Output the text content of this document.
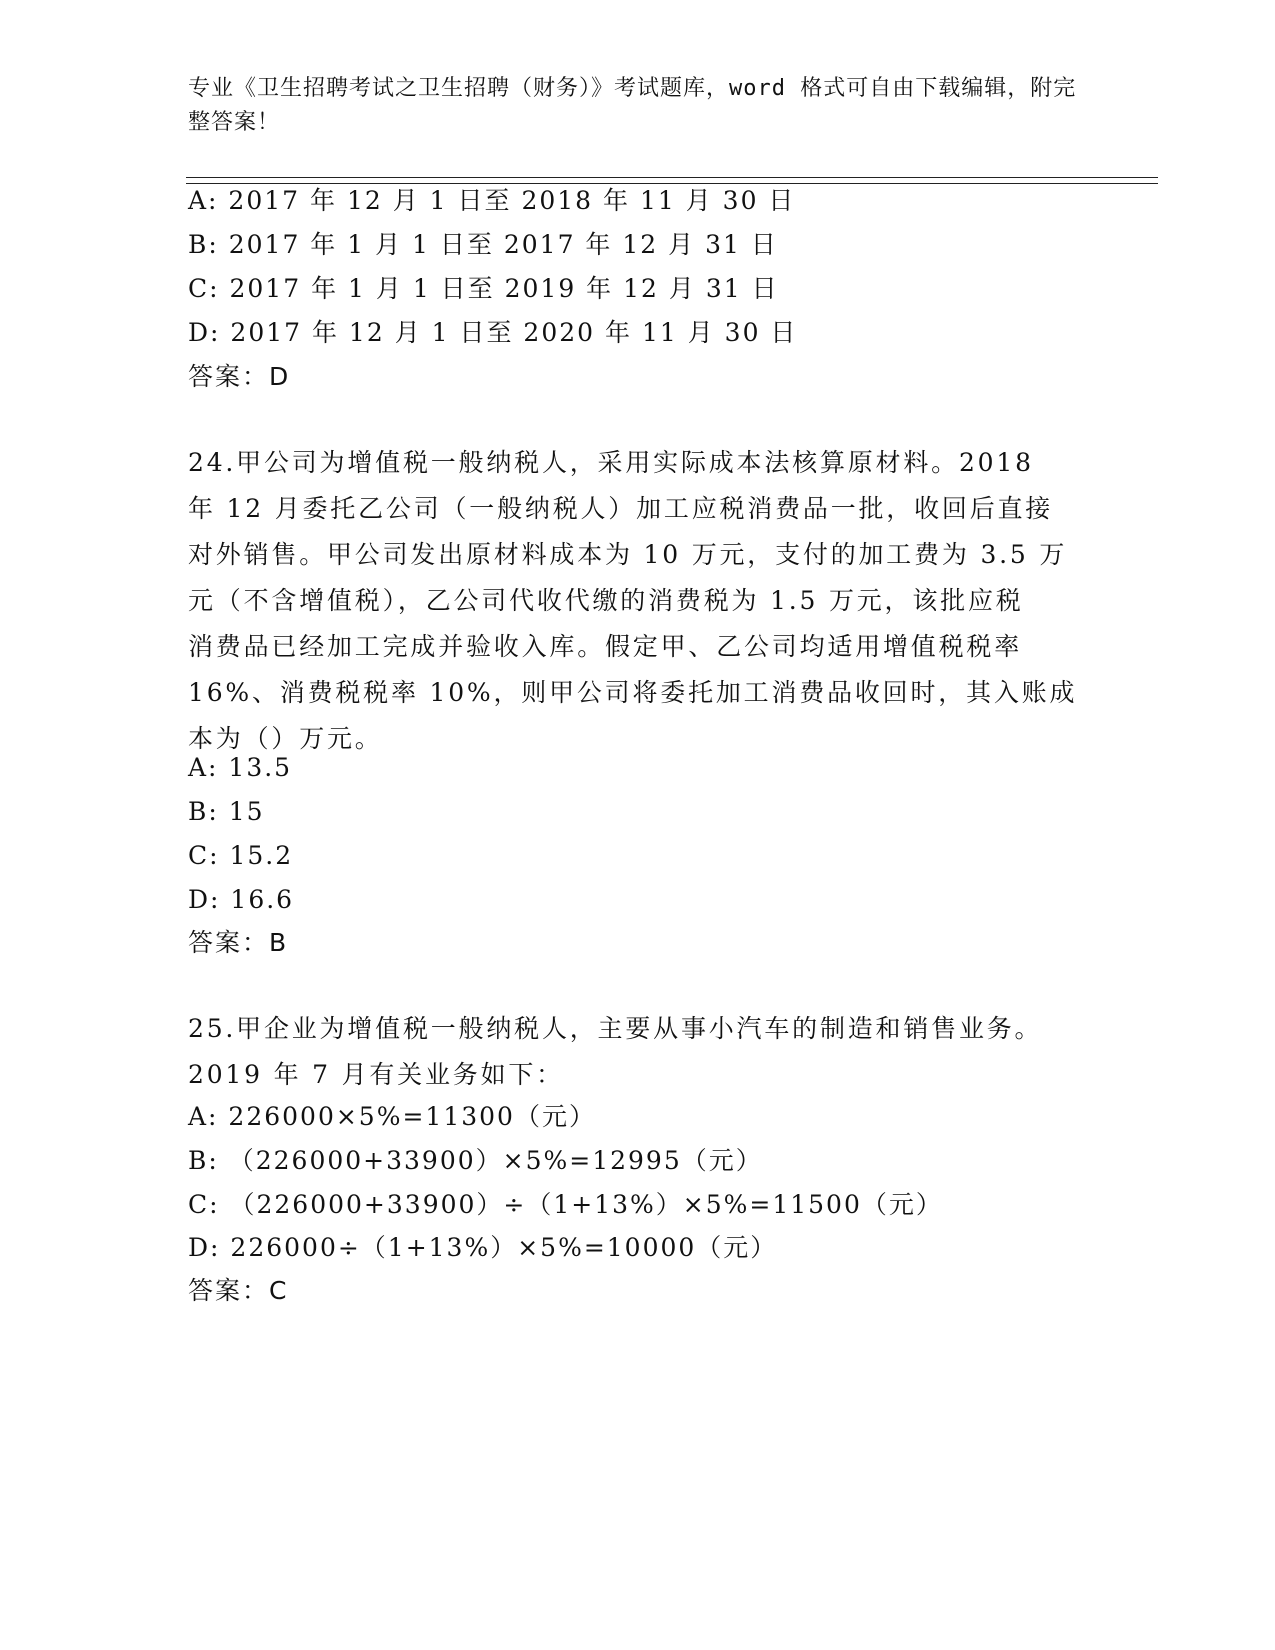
专业《卫生招聘考试之卫生招聘（财务）》考试题库，word 格式可自由下载编辑，附完整答案！
A: 2017 年 12 月 1 日至 2018 年 11 月 30 日
B: 2017 年 1 月 1 日至 2017 年 12 月 31 日
C: 2017 年 1 月 1 日至 2019 年 12 月 31 日
D: 2017 年 12 月 1 日至 2020 年 11 月 30 日
答案：D
24.甲公司为增值税一般纳税人，采用实际成本法核算原材料。2018
年 12 月委托乙公司（一般纳税人）加工应税消费品一批，收回后直接
对外销售。甲公司发出原材料成本为 10 万元，支付的加工费为 3.5 万
元（不含增值税），乙公司代收代缴的消费税为 1.5 万元，该批应税
消费品已经加工完成并验收入库。假定甲、乙公司均适用增值税税率
16%、消费税税率 10%，则甲公司将委托加工消费品收回时，其入账成
本为（）万元。
A: 13.5
B: 15
C: 15.2
D: 16.6
答案：B
25.甲企业为增值税一般纳税人，主要从事小汽车的制造和销售业务。
2019 年 7 月有关业务如下：
A: 226000×5%=11300（元）
B: （226000+33900）×5%=12995（元）
C: （226000+33900）÷（1+13%）×5%=11500（元）
D: 226000÷（1+13%）×5%=10000（元）
答案：C
